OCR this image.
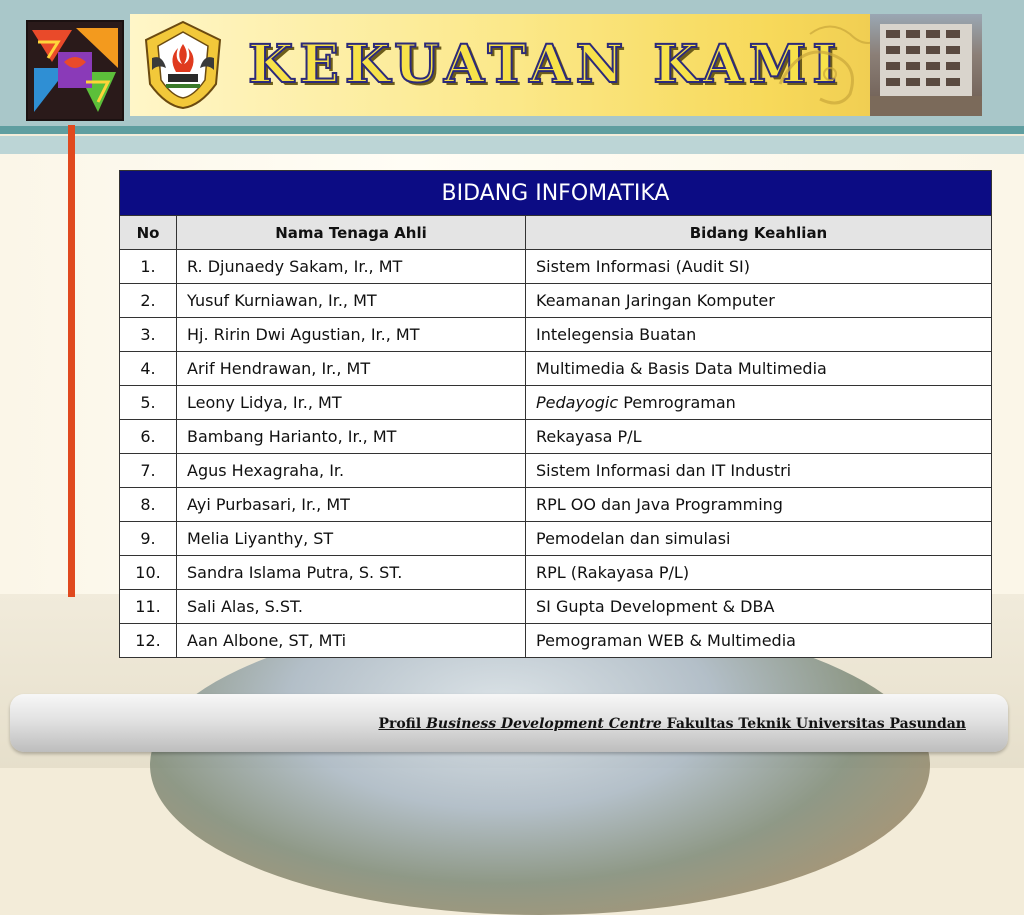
KEKUATAN KAMI
BIDANG INFOMATIKA		
No	Nama Tenaga Ahli	Bidang Keahlian
1.	R. Djunaedy Sakam, Ir., MT	Sistem Informasi (Audit SI)
2.	Yusuf Kurniawan, Ir., MT	Keamanan Jaringan Komputer
3.	Hj. Ririn Dwi Agustian, Ir., MT	Intelegensia Buatan
4.	Arif Hendrawan, Ir., MT	Multimedia & Basis Data Multimedia
5.	Leony Lidya, Ir., MT	Pedayogic Pemrograman
6.	Bambang Harianto, Ir., MT	Rekayasa P/L
7.	Agus Hexagraha, Ir.	Sistem Informasi dan IT Industri
8.	Ayi Purbasari, Ir., MT	RPL OO dan Java Programming
9.	Melia Liyanthy, ST	Pemodelan dan simulasi
10.	Sandra Islama Putra, S. ST.	RPL (Rakayasa P/L)
11.	Sali Alas, S.ST.	SI Gupta Development & DBA
12.	Aan Albone, ST, MTi	Pemograman WEB & Multimedia
Profil Business Development Centre Fakultas Teknik Universitas Pasundan
